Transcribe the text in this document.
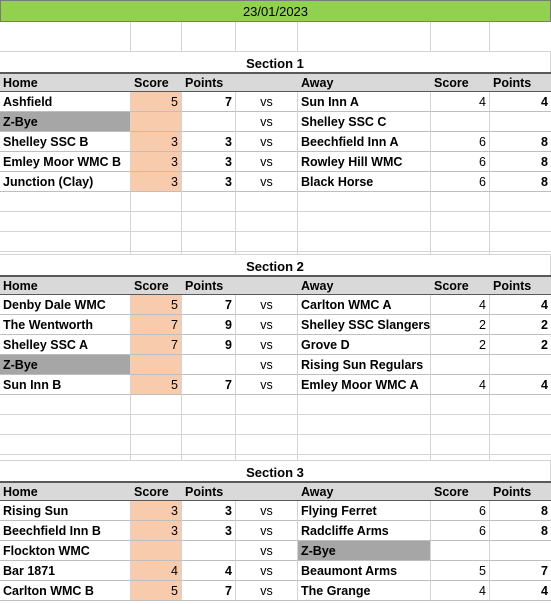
23/01/2023
Section 1
Home	Score	Points	Away	Score	Points
Ashfield	5	7	vs	Sun Inn A	4	4
Z-Bye	vs	Shelley SSC C
Shelley SSC B	3	3	vs	Beechfield Inn A	6	8
Emley Moor WMC B	3	3	vs	Rowley Hill WMC	6	8
Junction (Clay)	3	3	vs	Black Horse	6	8
Section 2
Home	Score	Points	Away	Score	Points
Denby Dale WMC	5	7	vs	Carlton WMC A	4	4
The Wentworth	7	9	vs	Shelley SSC Slangers	2	2
Shelley SSC A	7	9	vs	Grove D	2	2
Z-Bye	vs	Rising Sun Regulars
Sun Inn B	5	7	vs	Emley Moor WMC A	4	4
Section 3
Home	Score	Points	Away	Score	Points
Rising Sun	3	3	vs	Flying Ferret	6	8
Beechfield Inn B	3	3	vs	Radcliffe Arms	6	8
Flockton WMC	vs	Z-Bye
Bar 1871	4	4	vs	Beaumont Arms	5	7
Carlton WMC B	5	7	vs	The Grange	4	4
